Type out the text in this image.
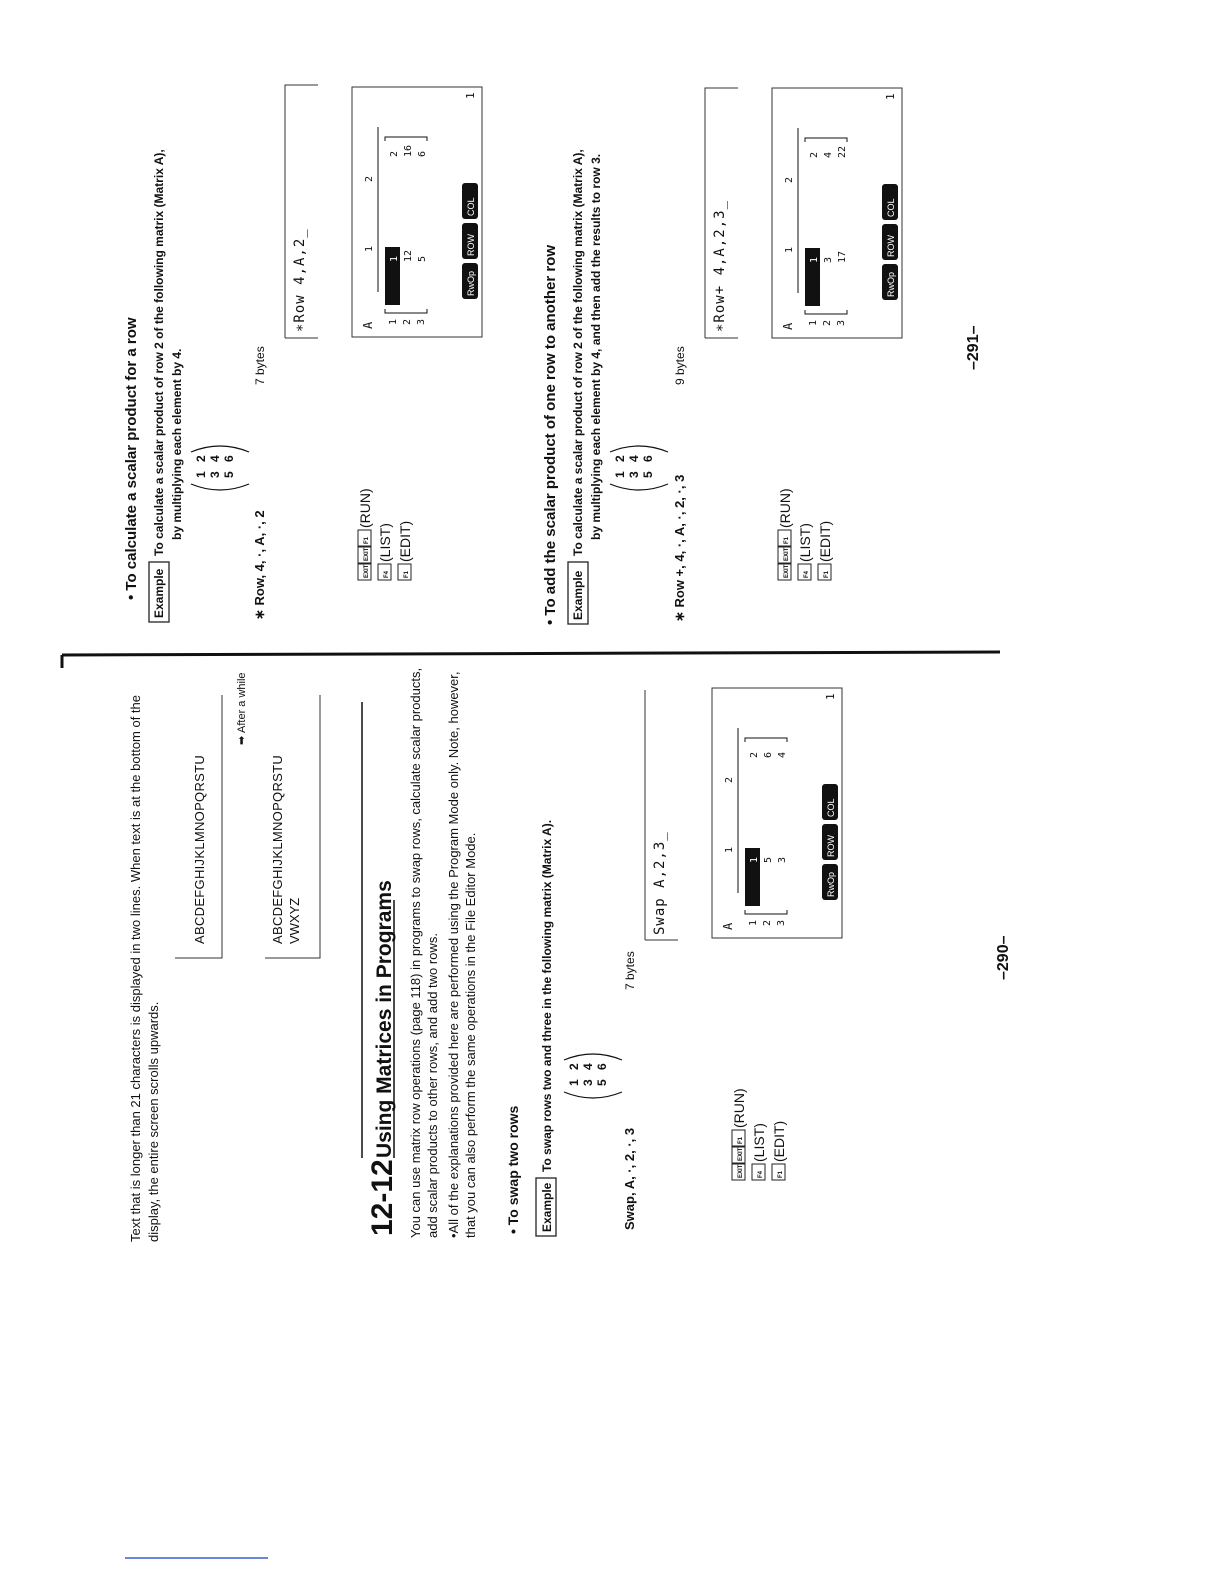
Text that is longer than 21 characters is displayed in two lines. When text is at the bottom of the display, the entire screen scrolls upwards.
ABCDEFGHIJKLMNOPQRSTU
➡
After a while
ABCDEFGHIJKLMNOPQRSTU VWXYZ
12-12
Using Matrices in Programs You can use matrix row operations (page 118) in programs to swap rows, calculate scalar products, add scalar products to other rows, and add two rows. •All of the explanations provided here are performed using the Program Mode only. Note, however, that you can also perform the same operations in the File Editor Mode. • To swap two rows Example
To swap rows two and three in the following matrix (Matrix A). 1
2
3
4
5
6
Swap, A, ·, 2, ·, 3
7 bytes
Swap A,2,3_
EXIT
EXIT
F1
(RUN)
F4
(LIST)
F1
(EDIT)
A
1
2
1 2 3
1 5 3
2 6 4
1
RwOp
ROW
COL
–290–
• To calculate a scalar product for a row Example
To calculate a scalar product of row 2 of the following matrix (Matrix A), by multiplying each element by 4. 1
2
3
4
5
6
∗ Row, 4, ·, A, ·, 2
7 bytes
∗Row 4,A,2_
EXIT
EXIT
F1
(RUN)
F4
(LIST)
F1
(EDIT)
A
1
2
1 2 3
1 12 5
2 16 6
1
RwOp
ROW
COL
• To add the scalar product of one row to another row Example
To calculate a scalar product of row 2 of the following matrix (Matrix A), by multiplying each element by 4, and then add the results to row 3. 1
2
3
4
5
6
∗ Row +, 4, ·, A, ·, 2, ·, 3
9 bytes
∗Row+ 4,A,2,3_
EXIT
EXIT
F1
(RUN)
F4
(LIST)
F1
(EDIT)
A
1
2
1 2 3
1 3 17
2 4 22
1
RwOp
ROW
COL
–291–
